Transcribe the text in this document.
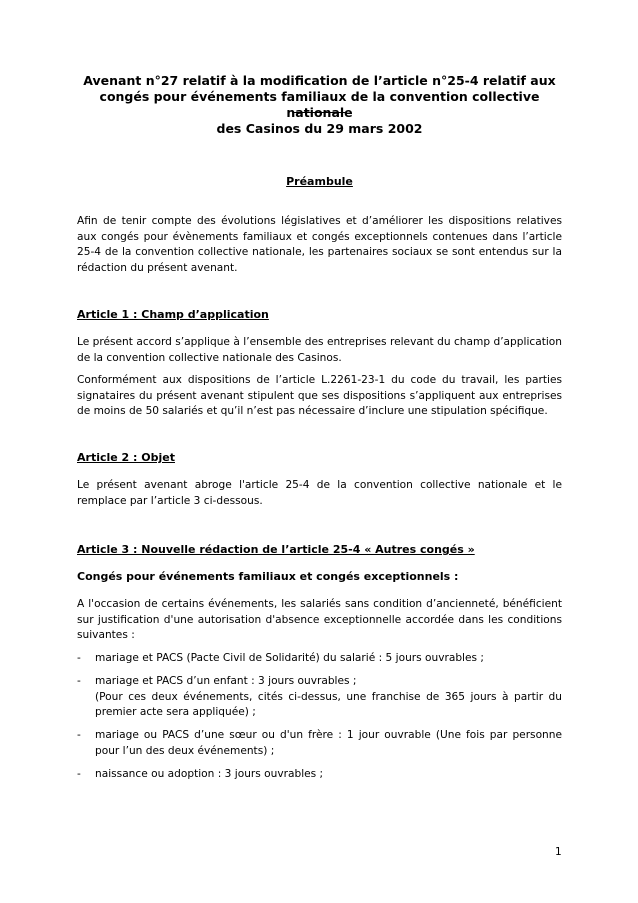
Avenant n°27 relatif à la modification de l’article n°25-4 relatif aux
congés pour événements familiaux de la convention collective nationale
des Casinos du 29 mars 2002
Préambule
Afin de tenir compte des évolutions législatives et d’améliorer les dispositions relatives aux congés pour évènements familiaux et congés exceptionnels contenues dans l’article 25-4 de la convention collective nationale, les partenaires sociaux se sont entendus sur la rédaction du présent avenant.
Article 1 : Champ d’application
Le présent accord s’applique à l’ensemble des entreprises relevant du champ d’application de la convention collective nationale des Casinos.
Conformément aux dispositions de l’article L.2261-23-1 du code du travail, les parties signataires du présent avenant stipulent que ses dispositions s’appliquent aux entreprises de moins de 50 salariés et qu’il n’est pas nécessaire d’inclure une stipulation spécifique.
Article 2 : Objet
Le présent avenant abroge l'article 25-4 de la convention collective nationale et le remplace par l’article 3 ci-dessous.
Article 3 : Nouvelle rédaction de l’article 25-4 « Autres congés »
Congés pour événements familiaux et congés exceptionnels :
A l'occasion de certains événements, les salariés sans condition d’ancienneté, bénéficient sur justification d'une autorisation d'absence exceptionnelle accordée dans les conditions suivantes :
-	mariage et PACS (Pacte Civil de Solidarité) du salarié : 5 jours ouvrables ;
-	mariage et PACS d’un enfant : 3 jours ouvrables ;
(Pour ces deux événements, cités ci-dessus, une franchise de 365 jours à partir du premier acte sera appliquée) ;
-	mariage ou PACS d’une sœur ou d'un frère : 1 jour ouvrable (Une fois par personne pour l’un des deux événements) ;
-	naissance ou adoption : 3 jours ouvrables ;
1
